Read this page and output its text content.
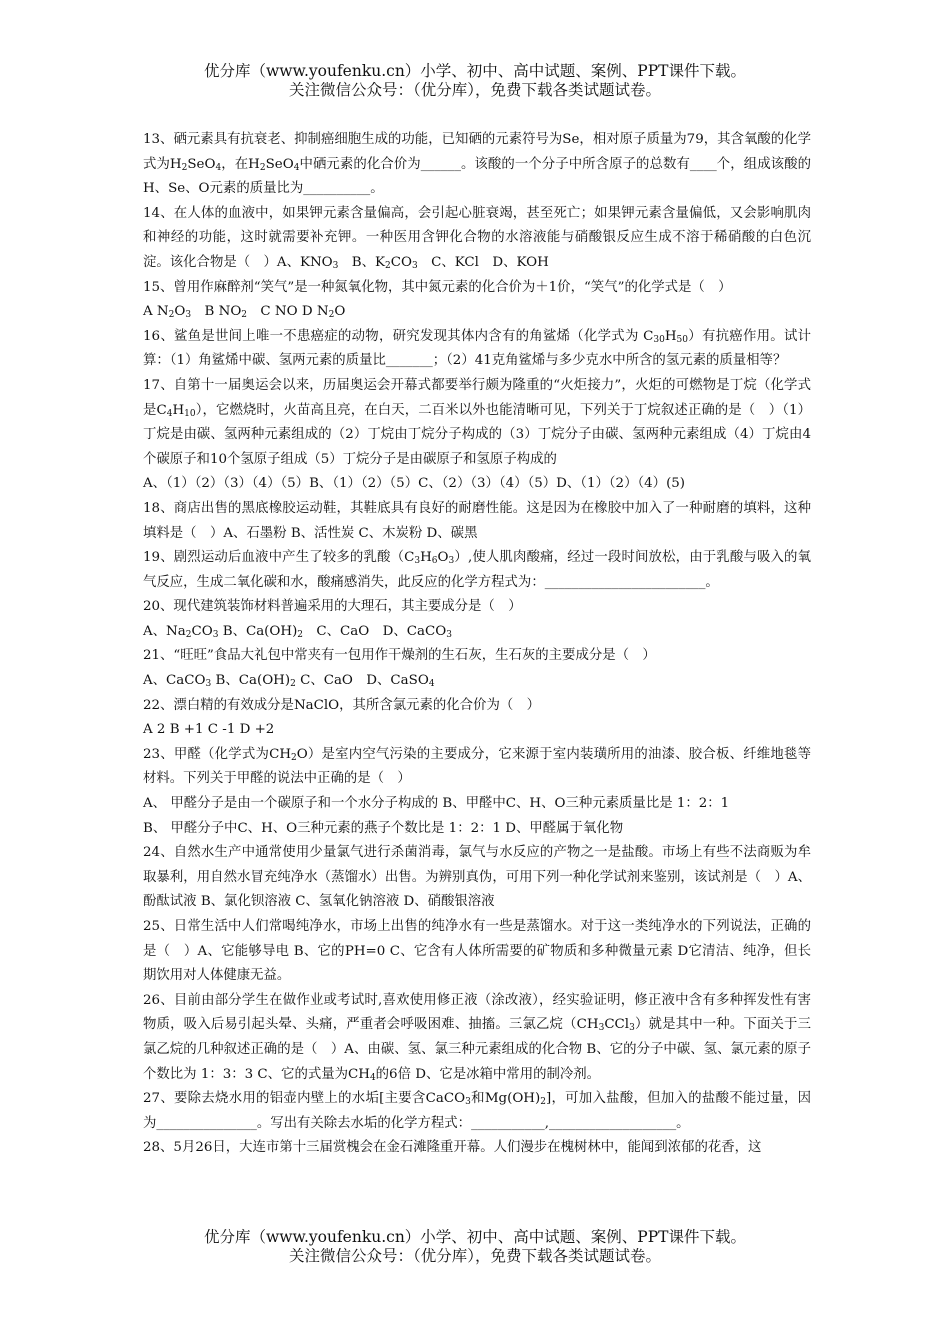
优分库（www.youfenku.cn）小学、初中、高中试题、案例、PPT课件下载。
关注微信公众号：（优分库），免费下载各类试题试卷。

13、硒元素具有抗衰老、抑制癌细胞生成的功能，已知硒的元素符号为Se，相对原子质量为79，其含氧酸的化学式为$H_2SeO_4$，在$H_2SeO_4$中硒元素的化合价为______。该酸的一个分子中所含原子的总数有____个，组成该酸的H、Se、O元素的质量比为__________。

14、在人体的血液中，如果钾元素含量偏高，会引起心脏衰竭，甚至死亡；如果钾元素含量偏低，又会影响肌肉和神经的功能，这时就需要补充钾。一种医用含钾化合物的水溶液能与硝酸银反应生成不溶于稀硝酸的白色沉淀。该化合物是（　）A、$KNO_3$　B、$K_2CO_3$　C、KCl　D、KOH

15、曾用作麻醉剂“笑气”是一种氮氧化物，其中氮元素的化合价为＋1价，“笑气”的化学式是（　）

A $N_2O_3$　B $NO_2$　C NO D $N_2O$

16、鲨鱼是世间上唯一不患癌症的动物，研究发现其体内含有的角鲨烯（化学式为 $C_{30}H_{50}$）有抗癌作用。试计算：（1）角鲨烯中碳、氢两元素的质量比_______；（2）41克角鲨烯与多少克水中所含的氢元素的质量相等？

17、自第十一届奥运会以来，历届奥运会开幕式都要举行颇为隆重的“火炬接力”，火炬的可燃物是丁烷（化学式是$C_4H_{10}$），它燃烧时，火苗高且亮，在白天，二百米以外也能清晰可见，下列关于丁烷叙述正确的是（　）（1）丁烷是由碳、氢两种元素组成的（2）丁烷由丁烷分子构成的（3）丁烷分子由碳、氢两种元素组成（4）丁烷由4个碳原子和10个氢原子组成（5）丁烷分子是由碳原子和氢原子构成的

A、（1）（2）（3）（4）（5）B、（1）（2）（5）C、（2）（3）（4）（5）D、（1）（2）（4）(5)

18、商店出售的黑底橡胶运动鞋，其鞋底具有良好的耐磨性能。这是因为在橡胶中加入了一种耐磨的填料，这种填料是（　）A、石墨粉 B、活性炭 C、木炭粉 D、碳黑

19、剧烈运动后血液中产生了较多的乳酸$(C_3H_6O_3)$,使人肌肉酸痛，经过一段时间放松，由于乳酸与吸入的氧气反应，生成二氧化碳和水，酸痛感消失，此反应的化学方程式为：________________________。

20、现代建筑装饰材料普遍采用的大理石，其主要成分是（　）

A、$Na_2CO_3$ B、$Ca(OH)_2$　C、CaO　D、CaCO$_3$

21、“旺旺”食品大礼包中常夹有一包用作干燥剂的生石灰，生石灰的主要成分是（　）

A、CaCO$_3$ B、$Ca(OH)_2$ C、CaO　D、CaSO$_4$

22、漂白精的有效成分是NaClO，其所含氯元素的化合价为（　）

A 2 B +1 C -1 D +2

23、甲醛（化学式为$CH_2O$）是室内空气污染的主要成分，它来源于室内装璜所用的油漆、胶合板、纤维地毯等材料。下列关于甲醛的说法中正确的是（　）

A、 甲醛分子是由一个碳原子和一个水分子构成的 B、甲醛中C、H、O三种元素质量比是 1：2：1

B、 甲醛分子中C、H、O三种元素的燕子个数比是 1：2：1 D、甲醛属于氧化物

24、自然水生产中通常使用少量氯气进行杀菌消毒，氯气与水反应的产物之一是盐酸。市场上有些不法商贩为牟取暴利，用自然水冒充纯净水（蒸馏水）出售。为辨别真伪，可用下列一种化学试剂来鉴别，该试剂是（　）A、酚酞试液 B、氯化钡溶液 C、氢氧化钠溶液 D、硝酸银溶液

25、日常生活中人们常喝纯净水，市场上出售的纯净水有一些是蒸馏水。对于这一类纯净水的下列说法，正确的是（　）A、它能够导电 B、它的PH=0 C、它含有人体所需要的矿物质和多种微量元素 D它清洁、纯净，但长期饮用对人体健康无益。

26、目前由部分学生在做作业或考试时,喜欢使用修正液（涂改液），经实验证明，修正液中含有多种挥发性有害物质，吸入后易引起头晕、头痛，严重者会呼吸困难、抽搐。三氯乙烷$(CH_3CCl_3)$就是其中一种。下面关于三氯乙烷的几种叙述正确的是（　）A、由碳、氢、氯三种元素组成的化合物 B、它的分子中碳、氢、氯元素的原子个数比为 1：3：3 C、它的式量为$CH_4$的6倍 D、它是冰箱中常用的制冷剂。

27、要除去烧水用的铝壶内壁上的水垢[主要含CaCO$_3$和$Mg(OH)_2$]，可加入盐酸，但加入的盐酸不能过量，因为_______________。写出有关除去水垢的化学方程式：___________,___________________。

28、5月26日，大连市第十三届赏槐会在金石滩隆重开幕。人们漫步在槐树林中，能闻到浓郁的花香，这

优分库（www.youfenku.cn）小学、初中、高中试题、案例、PPT课件下载。
关注微信公众号：（优分库），免费下载各类试题试卷。
